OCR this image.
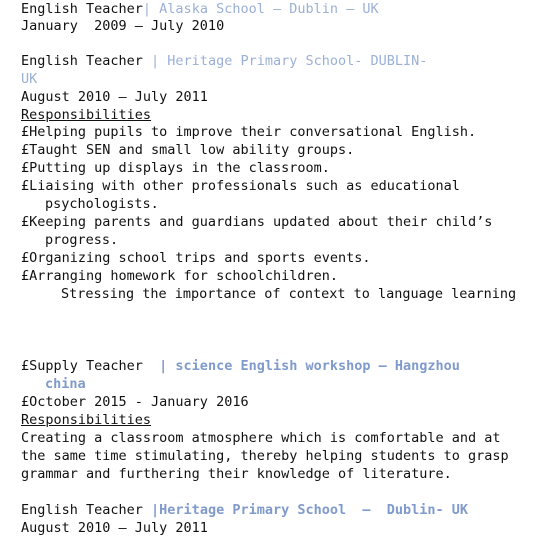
English Teacher| Alaska School – Dublin – UK
January  2009 – July 2010
English Teacher | Heritage Primary School- DUBLIN-
UK
August 2010 – July 2011
Responsibilities
£Helping pupils to improve their conversational English.
£Taught SEN and small low ability groups.
£Putting up displays in the classroom.
£Liaising with other professionals such as educational
psychologists.
£Keeping parents and guardians updated about their child’s
progress.
£Organizing school trips and sports events.
£Arranging homework for schoolchildren.
Stressing the importance of context to language learning
£Supply Teacher  | science English workshop – Hangzhou
china
£October 2015 - January 2016
Responsibilities
Creating a classroom atmosphere which is comfortable and at
the same time stimulating, thereby helping students to grasp
grammar and furthering their knowledge of literature.
English Teacher |Heritage Primary School  –  Dublin- UK
August 2010 – July 2011
